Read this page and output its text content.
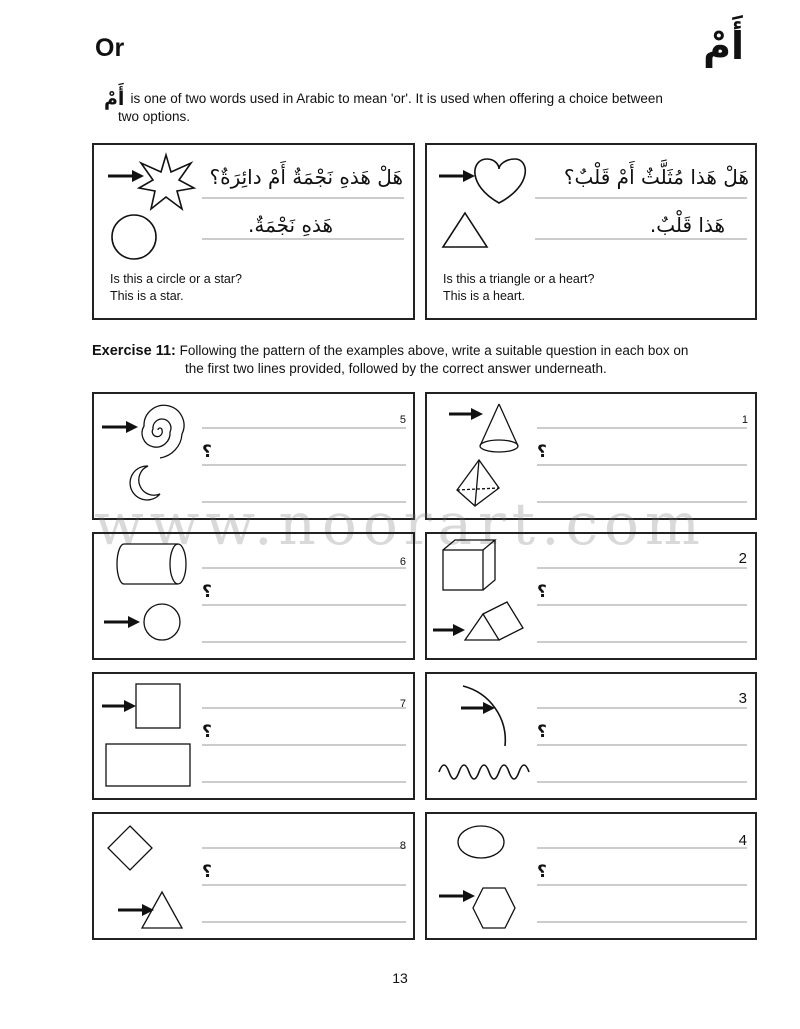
Or	أَمْ
أَمْ is one of two words used in Arabic to mean 'or'. It is used when offering a choice between
two options.
هَلْ هَذهِ نَجْمَةٌ أَمْ دائِرَةٌ؟
هَذهِ نَجْمَةٌ.
Is this a circle or a star?
This is a star.
هَلْ هَذا مُثَلَّثٌ أَمْ قَلْبٌ؟
هَذا قَلْبٌ.
Is this a triangle or a heart?
This is a heart.
Exercise 11: Following the pattern of the examples above, write a suitable question in each box on
the first two lines provided, followed by the correct answer underneath.
5
؟
1
؟
www.noorart.com
6
؟
2
؟
7
؟
3
؟
8
؟
4
؟
13
